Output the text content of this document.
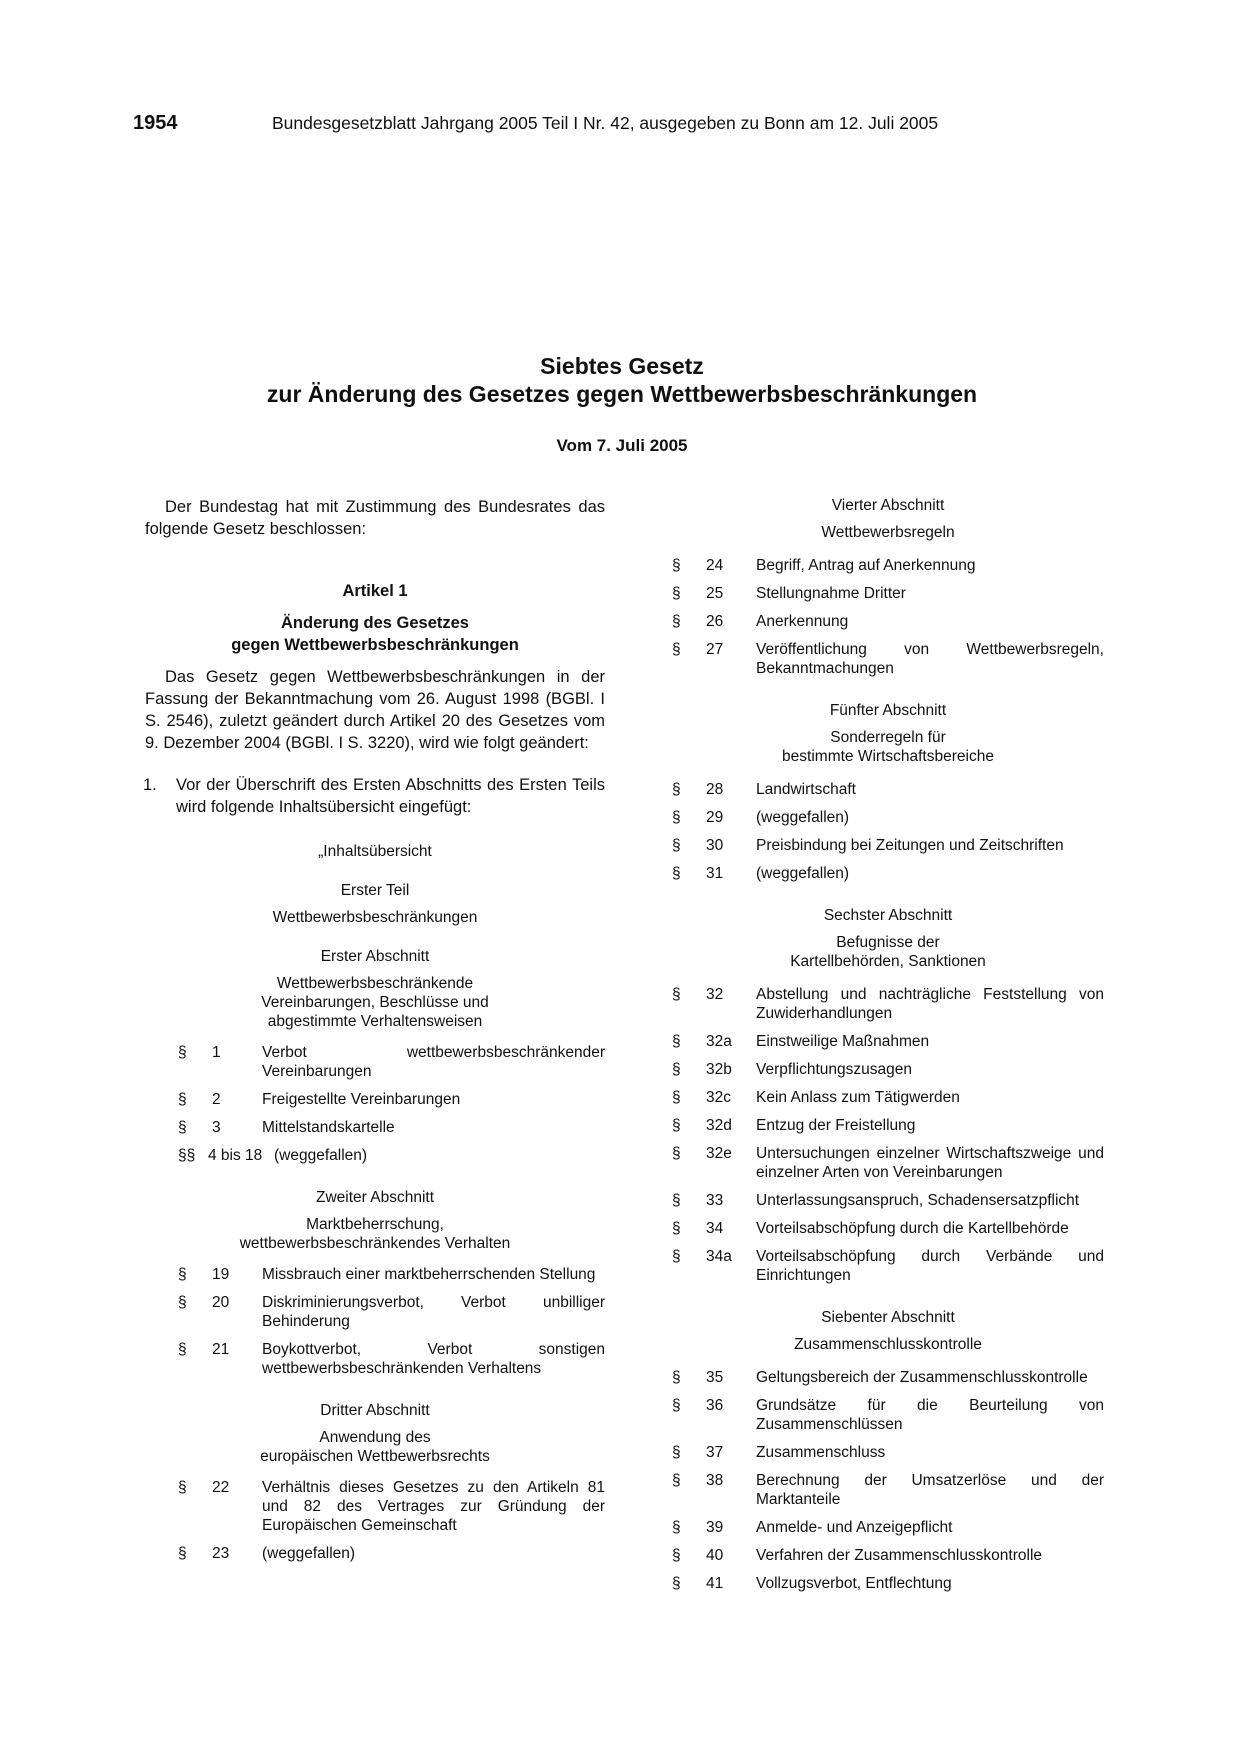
1954	Bundesgesetzblatt Jahrgang 2005 Teil I Nr. 42, ausgegeben zu Bonn am 12. Juli 2005
Siebtes Gesetz
zur Änderung des Gesetzes gegen Wettbewerbsbeschränkungen
Vom 7. Juli 2005

Der Bundestag hat mit Zustimmung des Bundesrates das folgende Gesetz beschlossen:

Artikel 1

Änderung des Gesetzes

gegen Wettbewerbsbeschränkungen

Das Gesetz gegen Wettbewerbsbeschränkungen in der Fassung der Bekanntmachung vom 26. August 1998 (BGBl. I S. 2546), zuletzt geändert durch Artikel 20 des Gesetzes vom 9. Dezember 2004 (BGBl. I S. 3220), wird wie folgt geändert:

1.	Vor der Überschrift des Ersten Abschnitts des Ersten Teils wird folgende Inhaltsübersicht eingefügt:

„Inhaltsübersicht

Erster Teil

Wettbewerbsbeschränkungen

Erster Abschnitt

Wettbewerbsbeschränkende

Vereinbarungen, Beschlüsse und

abgestimmte Verhaltensweisen

§	1	Verbot wettbewerbsbeschränkender Vereinbarungen
§	2	Freigestellte Vereinbarungen
§	3	Mittelstandskartelle
§§ 4 bis 18 (weggefallen)

Zweiter Abschnitt

Marktbeherrschung,

wettbewerbsbeschränkendes Verhalten

§	19	Missbrauch einer marktbeherrschenden Stellung
§	20	Diskriminierungsverbot, Verbot unbilliger Behinderung
§	21	Boykottverbot, Verbot sonstigen wettbewerbsbeschränkenden Verhaltens

Dritter Abschnitt

Anwendung des

europäischen Wettbewerbsrechts

§	22	Verhältnis dieses Gesetzes zu den Artikeln 81 und 82 des Vertrages zur Gründung der Europäischen Gemeinschaft
§	23	(weggefallen)

Vierter Abschnitt

Wettbewerbsregeln

§	24	Begriff, Antrag auf Anerkennung
§	25	Stellungnahme Dritter
§	26	Anerkennung
§	27	Veröffentlichung von Wettbewerbsregeln, Bekanntmachungen

Fünfter Abschnitt

Sonderregeln für

bestimmte Wirtschaftsbereiche

§	28	Landwirtschaft
§	29	(weggefallen)
§	30	Preisbindung bei Zeitungen und Zeitschriften
§	31	(weggefallen)

Sechster Abschnitt

Befugnisse der

Kartellbehörden, Sanktionen

§	32	Abstellung und nachträgliche Feststellung von Zuwiderhandlungen
§	32a	Einstweilige Maßnahmen
§	32b	Verpflichtungszusagen
§	32c	Kein Anlass zum Tätigwerden
§	32d	Entzug der Freistellung
§	32e	Untersuchungen einzelner Wirtschaftszweige und einzelner Arten von Vereinbarungen
§	33	Unterlassungsanspruch, Schadensersatzpflicht
§	34	Vorteilsabschöpfung durch die Kartellbehörde
§	34a	Vorteilsabschöpfung durch Verbände und Einrichtungen

Siebenter Abschnitt

Zusammenschlusskontrolle

§	35	Geltungsbereich der Zusammenschlusskontrolle
§	36	Grundsätze für die Beurteilung von Zusammenschlüssen
§	37	Zusammenschluss
§	38	Berechnung der Umsatzerlöse und der Marktanteile
§	39	Anmelde- und Anzeigepflicht
§	40	Verfahren der Zusammenschlusskontrolle
§	41	Vollzugsverbot, Entflechtung
